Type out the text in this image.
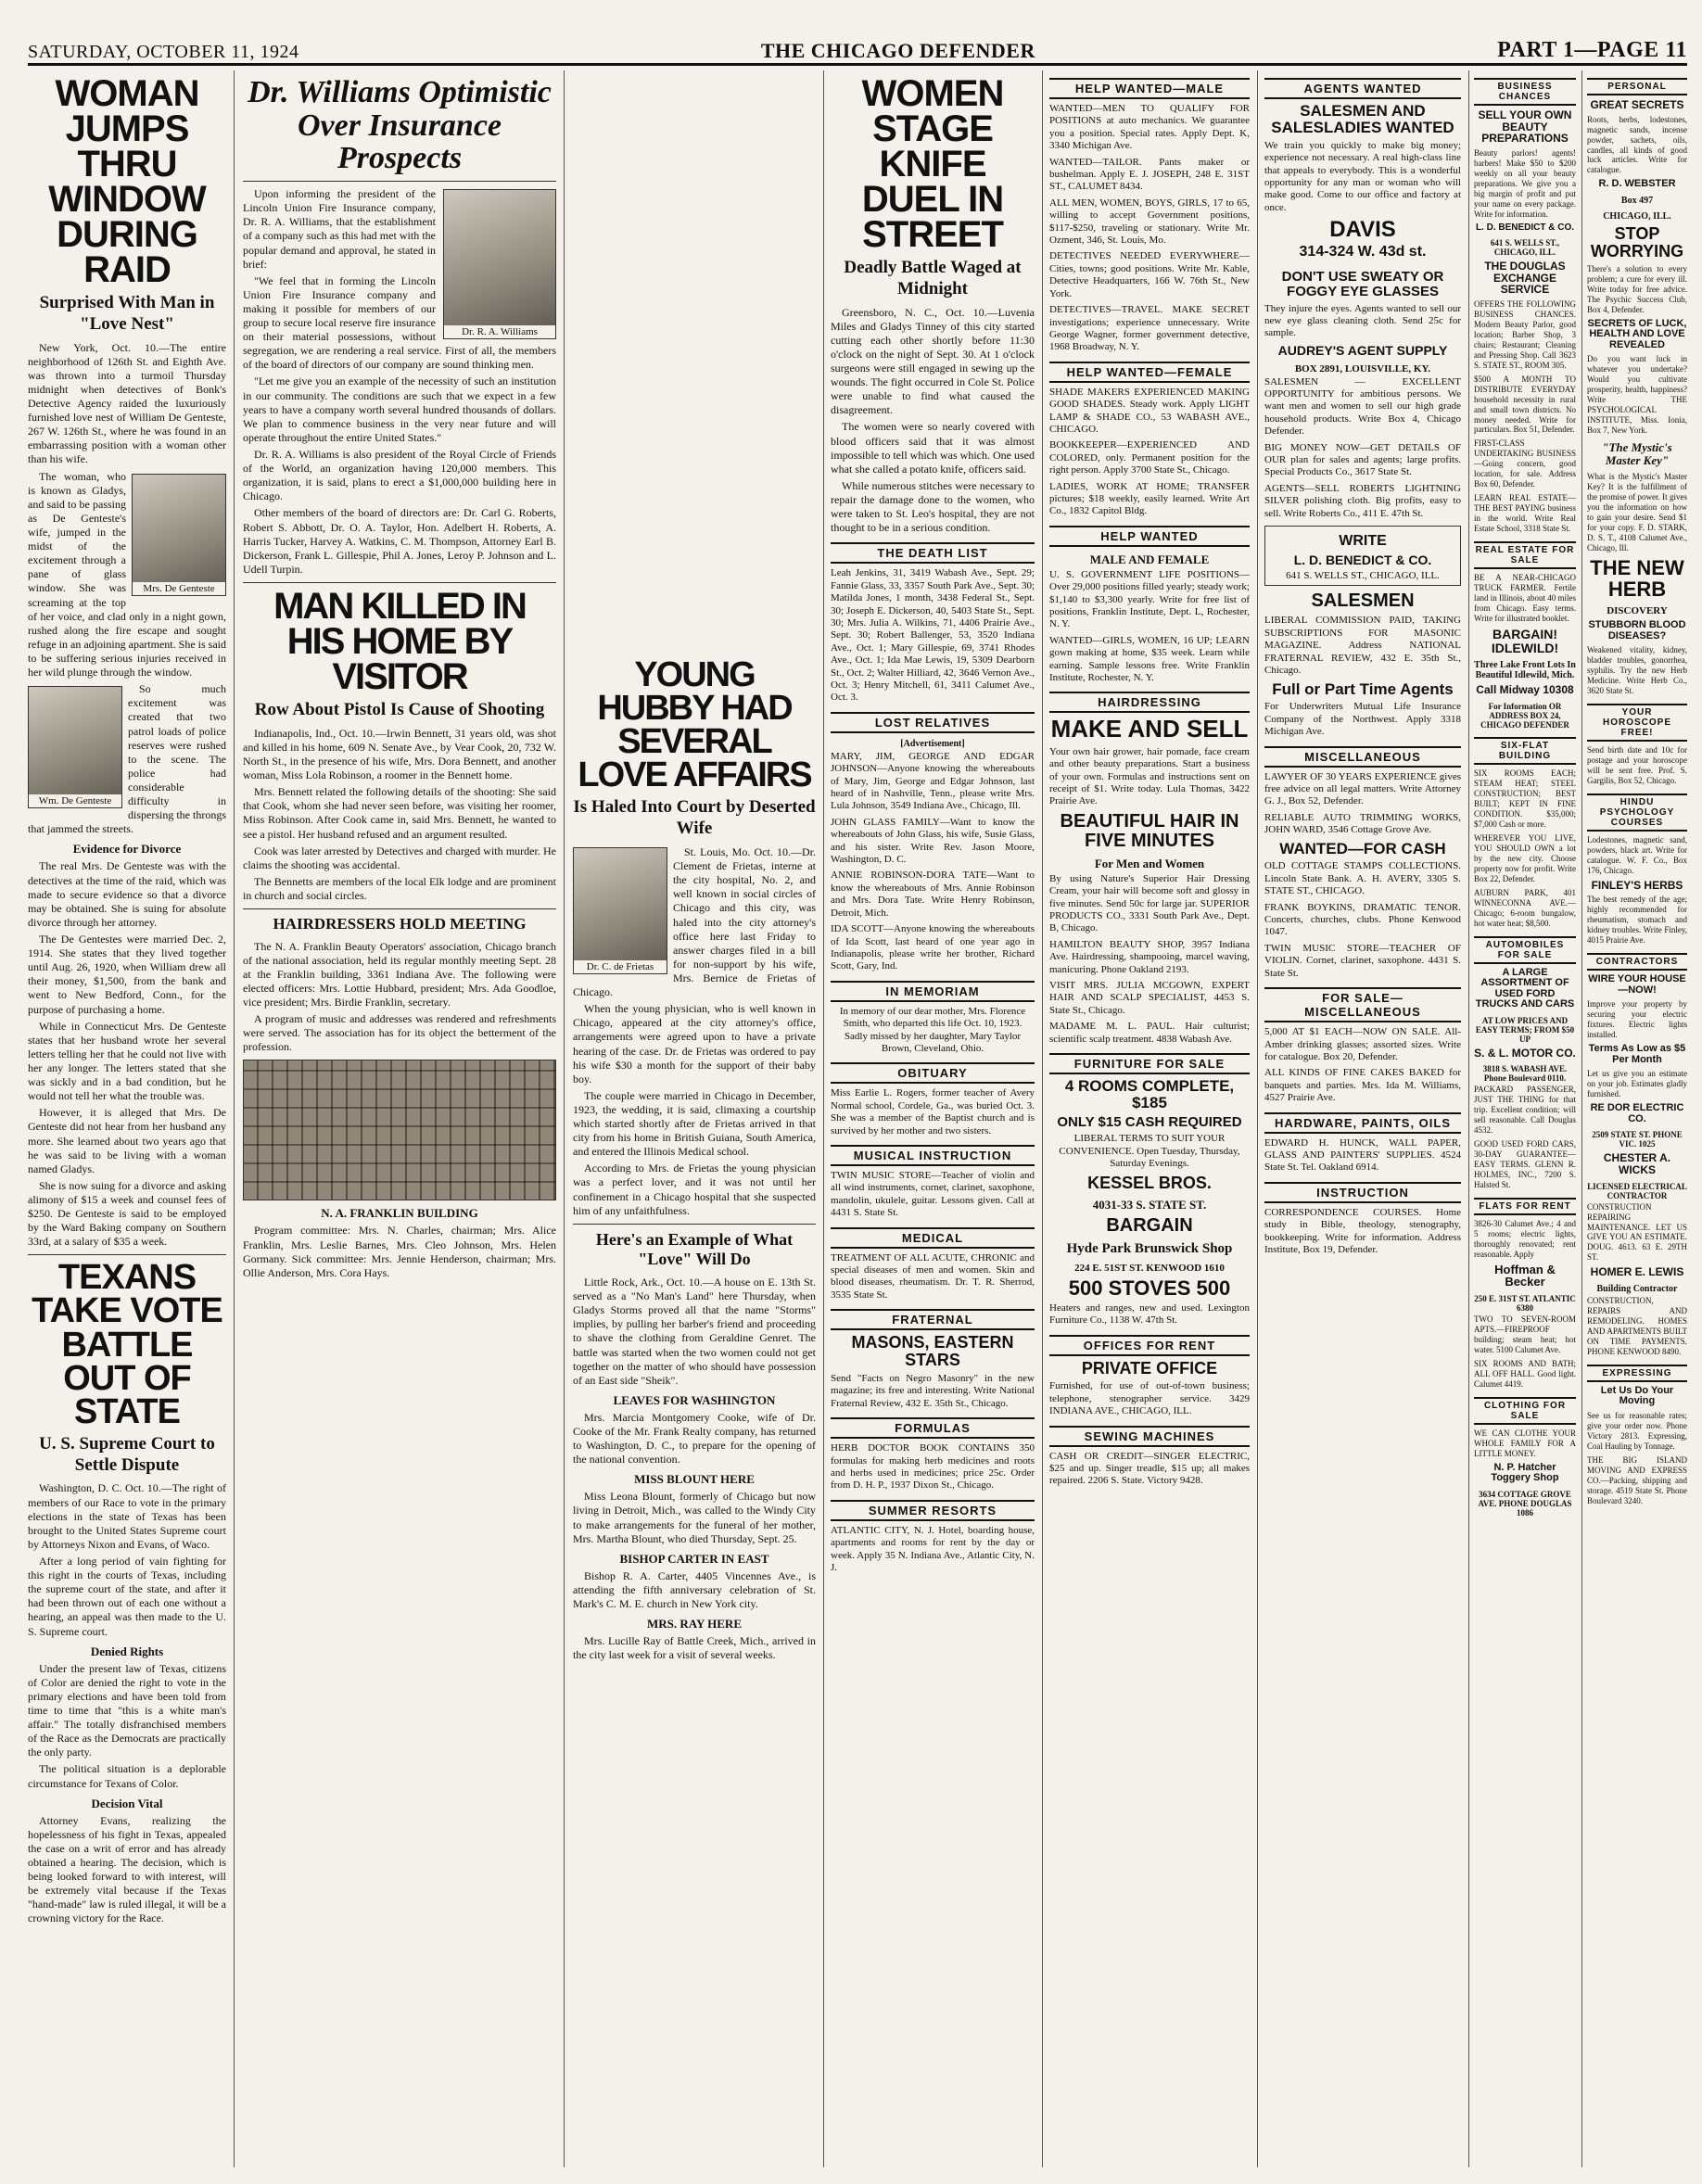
SATURDAY, OCTOBER 11, 1924	THE CHICAGO DEFENDER	PART 1—PAGE 11
WOMAN JUMPS THRU WINDOW DURING RAID
Surprised With Man in "Love Nest"

New York, Oct. 10.—The entire neighborhood of 126th St. and Eighth Ave. was thrown into a turmoil Thursday midnight when detectives of Bonk's Detective Agency raided the luxuriously furnished love nest of William De Genteste, 267 W. 126th St., where he was found in an embarrassing position with a woman other than his wife.

Mrs. De Genteste

The woman, who is known as Gladys, and said to be passing as De Genteste's wife, jumped in the midst of the excitement through a pane of glass window. She was screaming at the top of her voice, and clad only in a night gown, rushed along the fire escape and sought refuge in an adjoining apartment. She is said to be suffering serious injuries received in her wild plunge through the window.

Wm. De Genteste

So much excitement was created that two patrol loads of police reserves were rushed to the scene. The police had considerable difficulty in dispersing the throngs that jammed the streets.

Evidence for Divorce

The real Mrs. De Genteste was with the detectives at the time of the raid, which was made to secure evidence so that a divorce may be obtained. She is suing for absolute divorce through her attorney.

The De Gentestes were married Dec. 2, 1914. She states that they lived together until Aug. 26, 1920, when William drew all their money, $1,500, from the bank and went to New Bedford, Conn., for the purpose of purchasing a home.

While in Connecticut Mrs. De Genteste states that her husband wrote her several letters telling her that he could not live with her any longer. The letters stated that she was sickly and in a bad condition, but he would not tell her what the trouble was.

However, it is alleged that Mrs. De Genteste did not hear from her husband any more. She learned about two years ago that he was said to be living with a woman named Gladys.

She is now suing for a divorce and asking alimony of $15 a week and counsel fees of $250. De Genteste is said to be employed by the Ward Baking company on Southern 33rd, at a salary of $35 a week.

TEXANS TAKE VOTE BATTLE OUT OF STATE
U. S. Supreme Court to Settle Dispute

Washington, D. C. Oct. 10.—The right of members of our Race to vote in the primary elections in the state of Texas has been brought to the United States Supreme court by Attorneys Nixon and Evans, of Waco.

After a long period of vain fighting for this right in the courts of Texas, including the supreme court of the state, and after it had been thrown out of each one without a hearing, an appeal was then made to the U. S. Supreme court.

Denied Rights

Under the present law of Texas, citizens of Color are denied the right to vote in the primary elections and have been told from time to time that "this is a white man's affair." The totally disfranchised members of the Race as the Democrats are practically the only party.

The political situation is a deplorable circumstance for Texans of Color.

Decision Vital

Attorney Evans, realizing the hopelessness of his fight in Texas, appealed the case on a writ of error and has already obtained a hearing. The decision, which is being looked forward to with interest, will be extremely vital because if the Texas "hand-made" law is ruled illegal, it will be a crowning victory for the Race.

Dr. Williams Optimistic Over Insurance Prospects
Dr. R. A. Williams

Upon informing the president of the Lincoln Union Fire Insurance company, Dr. R. A. Williams, that the establishment of a company such as this had met with the popular demand and approval, he stated in brief:

"We feel that in forming the Lincoln Union Fire Insurance company and making it possible for members of our group to secure local reserve fire insurance on their material possessions, without segregation, we are rendering a real service. First of all, the members of the board of directors of our company are sound thinking men.

"Let me give you an example of the necessity of such an institution in our community. The conditions are such that we expect in a few years to have a company worth several hundred thousands of dollars. We plan to commence business in the very near future and will operate throughout the entire United States."

Dr. R. A. Williams is also president of the Royal Circle of Friends of the World, an organization having 120,000 members. This organization, it is said, plans to erect a $1,000,000 building here in Chicago.

Other members of the board of directors are: Dr. Carl G. Roberts, Robert S. Abbott, Dr. O. A. Taylor, Hon. Adelbert H. Roberts, A. Harris Tucker, Harvey A. Watkins, C. M. Thompson, Attorney Earl B. Dickerson, Frank L. Gillespie, Phil A. Jones, Leroy P. Johnson and L. Udell Turpin.

MAN KILLED IN HIS HOME BY VISITOR
Row About Pistol Is Cause of Shooting

Indianapolis, Ind., Oct. 10.—Irwin Bennett, 31 years old, was shot and killed in his home, 609 N. Senate Ave., by Vear Cook, 20, 732 W. North St., in the presence of his wife, Mrs. Dora Bennett, and another woman, Miss Lola Robinson, a roomer in the Bennett home.

Mrs. Bennett related the following details of the shooting: She said that Cook, whom she had never seen before, was visiting her roomer, Miss Robinson. After Cook came in, said Mrs. Bennett, he wanted to see a pistol. Her husband refused and an argument resulted.

Cook was later arrested by Detectives and charged with murder. He claims the shooting was accidental.

The Bennetts are members of the local Elk lodge and are prominent in church and social circles.

HAIRDRESSERS HOLD MEETING

The N. A. Franklin Beauty Operators' association, Chicago branch of the national association, held its regular monthly meeting Sept. 28 at the Franklin building, 3361 Indiana Ave. The following were elected officers: Mrs. Lottie Hubbard, president; Mrs. Ada Goodloe, vice president; Mrs. Birdie Franklin, secretary.

A program of music and addresses was rendered and refreshments were served. The association has for its object the betterment of the profession.

N. A. FRANKLIN BUILDING

Program committee: Mrs. N. Charles, chairman; Mrs. Alice Franklin, Mrs. Leslie Barnes, Mrs. Cleo Johnson, Mrs. Helen Gormany. Sick committee: Mrs. Jennie Henderson, chairman; Mrs. Ollie Anderson, Mrs. Cora Hays.

YOUNG HUBBY HAD SEVERAL LOVE AFFAIRS
Is Haled Into Court by Deserted Wife
Dr. C. de Frietas

St. Louis, Mo. Oct. 10.—Dr. Clement de Frietas, interne at the city hospital, No. 2, and well known in social circles of Chicago and this city, was haled into the city attorney's office here last Friday to answer charges filed in a bill for non-support by his wife, Mrs. Bernice de Frietas of Chicago.

When the young physician, who is well known in Chicago, appeared at the city attorney's office, arrangements were agreed upon to have a private hearing of the case. Dr. de Frietas was ordered to pay his wife $30 a month for the support of their baby boy.

The couple were married in Chicago in December, 1923, the wedding, it is said, climaxing a courtship which started shortly after de Frietas arrived in that city from his home in British Guiana, South America, and entered the Illinois Medical school.

According to Mrs. de Frietas the young physician was a perfect lover, and it was not until her confinement in a Chicago hospital that she suspected him of any unfaithfulness.

Here's an Example of What "Love" Will Do

Little Rock, Ark., Oct. 10.—A house on E. 13th St. served as a "No Man's Land" here Thursday, when Gladys Storms proved all that the name "Storms" implies, by pulling her barber's friend and proceeding to shave the clothing from Geraldine Genret. The battle was started when the two women could not get together on the matter of who should have possession of an East side "Sheik".

LEAVES FOR WASHINGTON

Mrs. Marcia Montgomery Cooke, wife of Dr. Cooke of the Mr. Frank Realty company, has returned to Washington, D. C., to prepare for the opening of the national convention.

MISS BLOUNT HERE

Miss Leona Blount, formerly of Chicago but now living in Detroit, Mich., was called to the Windy City to make arrangements for the funeral of her mother, Mrs. Martha Blount, who died Thursday, Sept. 25.

BISHOP CARTER IN EAST

Bishop R. A. Carter, 4405 Vincennes Ave., is attending the fifth anniversary celebration of St. Mark's C. M. E. church in New York city.

MRS. RAY HERE

Mrs. Lucille Ray of Battle Creek, Mich., arrived in the city last week for a visit of several weeks.

WOMEN STAGE KNIFE DUEL IN STREET
Deadly Battle Waged at Midnight

Greensboro, N. C., Oct. 10.—Luvenia Miles and Gladys Tinney of this city started cutting each other shortly before 11:30 o'clock on the night of Sept. 30. At 1 o'clock surgeons were still engaged in sewing up the wounds. The fight occurred in Cole St. Police were unable to find what caused the disagreement.

The women were so nearly covered with blood officers said that it was almost impossible to tell which was which. One used what she called a potato knife, officers said.

While numerous stitches were necessary to repair the damage done to the women, who were taken to St. Leo's hospital, they are not thought to be in a serious condition.

THE DEATH LIST

Leah Jenkins, 31, 3419 Wabash Ave., Sept. 29; Fannie Glass, 33, 3357 South Park Ave., Sept. 30; Matilda Jones, 1 month, 3438 Federal St., Sept. 30; Joseph E. Dickerson, 40, 5403 State St., Sept. 30; Mrs. Julia A. Wilkins, 71, 4406 Prairie Ave., Sept. 30; Robert Ballenger, 53, 3520 Indiana Ave., Oct. 1; Mary Gillespie, 69, 3741 Rhodes Ave., Oct. 1; Ida Mae Lewis, 19, 5309 Dearborn St., Oct. 2; Walter Hilliard, 42, 3646 Vernon Ave., Oct. 3; Henry Mitchell, 61, 3411 Calumet Ave., Oct. 3.

LOST RELATIVES
[Advertisement]

MARY, JIM, GEORGE AND EDGAR JOHNSON—Anyone knowing the whereabouts of Mary, Jim, George and Edgar Johnson, last heard of in Nashville, Tenn., please write Mrs. Lula Johnson, 3549 Indiana Ave., Chicago, Ill.

JOHN GLASS FAMILY—Want to know the whereabouts of John Glass, his wife, Susie Glass, and his sister. Write Rev. Jason Moore, Washington, D. C.

ANNIE ROBINSON-DORA TATE—Want to know the whereabouts of Mrs. Annie Robinson and Mrs. Dora Tate. Write Henry Robinson, Detroit, Mich.

IDA SCOTT—Anyone knowing the whereabouts of Ida Scott, last heard of one year ago in Indianapolis, please write her brother, Richard Scott, Gary, Ind.

IN MEMORIAM

In memory of our dear mother, Mrs. Florence Smith, who departed this life Oct. 10, 1923. Sadly missed by her daughter, Mary Taylor Brown, Cleveland, Ohio.

OBITUARY

Miss Earlie L. Rogers, former teacher of Avery Normal school, Cordele, Ga., was buried Oct. 3. She was a member of the Baptist church and is survived by her mother and two sisters.

MUSICAL INSTRUCTION

TWIN MUSIC STORE—Teacher of violin and all wind instruments, cornet, clarinet, saxophone, mandolin, ukulele, guitar. Lessons given. Call at 4431 S. State St.

MEDICAL

TREATMENT OF ALL ACUTE, CHRONIC and special diseases of men and women. Skin and blood diseases, rheumatism. Dr. T. R. Sherrod, 3535 State St.

FRATERNAL
MASONS, EASTERN STARS

Send "Facts on Negro Masonry" in the new magazine; its free and interesting. Write National Fraternal Review, 432 E. 35th St., Chicago.

FORMULAS

HERB DOCTOR BOOK CONTAINS 350 formulas for making herb medicines and roots and herbs used in medicines; price 25c. Order from D. H. P., 1937 Dixon St., Chicago.

SUMMER RESORTS

ATLANTIC CITY, N. J. Hotel, boarding house, apartments and rooms for rent by the day or week. Apply 35 N. Indiana Ave., Atlantic City, N. J.

HELP WANTED—MALE

WANTED—MEN TO QUALIFY FOR POSITIONS at auto mechanics. We guarantee you a position. Special rates. Apply Dept. K, 3340 Michigan Ave.

WANTED—TAILOR. Pants maker or bushelman. Apply E. J. JOSEPH, 248 E. 31ST ST., CALUMET 8434.

ALL MEN, WOMEN, BOYS, GIRLS, 17 to 65, willing to accept Government positions, $117-$250, traveling or stationary. Write Mr. Ozment, 346, St. Louis, Mo.

DETECTIVES NEEDED EVERYWHERE—Cities, towns; good positions. Write Mr. Kable, Detective Headquarters, 166 W. 76th St., New York.

DETECTIVES—TRAVEL. MAKE SECRET investigations; experience unnecessary. Write George Wagner, former government detective, 1968 Broadway, N. Y.

HELP WANTED—FEMALE

SHADE MAKERS EXPERIENCED MAKING GOOD SHADES. Steady work. Apply LIGHT LAMP & SHADE CO., 53 WABASH AVE., CHICAGO.

BOOKKEEPER—EXPERIENCED AND COLORED, only. Permanent position for the right person. Apply 3700 State St., Chicago.

LADIES, WORK AT HOME; TRANSFER pictures; $18 weekly, easily learned. Write Art Co., 1832 Capitol Bldg.

HELP WANTED
MALE AND FEMALE

U. S. GOVERNMENT LIFE POSITIONS—Over 29,000 positions filled yearly; steady work; $1,140 to $3,300 yearly. Write for free list of positions, Franklin Institute, Dept. L, Rochester, N. Y.

WANTED—GIRLS, WOMEN, 16 UP; LEARN gown making at home, $35 week. Learn while earning. Sample lessons free. Write Franklin Institute, Rochester, N. Y.

HAIRDRESSING
MAKE AND SELL

Your own hair grower, hair pomade, face cream and other beauty preparations. Start a business of your own. Formulas and instructions sent on receipt of $1. Write today. Lula Thomas, 3422 Prairie Ave.

BEAUTIFUL HAIR IN FIVE MINUTES
For Men and Women

By using Nature's Superior Hair Dressing Cream, your hair will become soft and glossy in five minutes. Send 50c for large jar. SUPERIOR PRODUCTS CO., 3331 South Park Ave., Dept. B, Chicago.

HAMILTON BEAUTY SHOP, 3957 Indiana Ave. Hairdressing, shampooing, marcel waving, manicuring. Phone Oakland 2193.

VISIT MRS. JULIA MCGOWN, EXPERT HAIR AND SCALP SPECIALIST, 4453 S. State St., Chicago.

MADAME M. L. PAUL. Hair culturist; scientific scalp treatment. 4838 Wabash Ave.

FURNITURE FOR SALE
4 ROOMS COMPLETE, $185
ONLY $15 CASH REQUIRED

LIBERAL TERMS TO SUIT YOUR CONVENIENCE. Open Tuesday, Thursday, Saturday Evenings.

KESSEL BROS.
4031-33 S. STATE ST.
BARGAIN
Hyde Park Brunswick Shop
224 E. 51ST ST. KENWOOD 1610
500 STOVES 500

Heaters and ranges, new and used. Lexington Furniture Co., 1138 W. 47th St.

OFFICES FOR RENT
PRIVATE OFFICE

Furnished, for use of out-of-town business; telephone, stenographer service. 3429 INDIANA AVE., CHICAGO, ILL.

SEWING MACHINES

CASH OR CREDIT—SINGER ELECTRIC, $25 and up. Singer treadle, $15 up; all makes repaired. 2206 S. State. Victory 9428.

AGENTS WANTED
SALESMEN AND SALESLADIES WANTED

We train you quickly to make big money; experience not necessary. A real high-class line that appeals to everybody. This is a wonderful opportunity for any man or woman who will make good. Come to our office and factory at once.

DAVIS
314-324 W. 43d st.
DON'T USE SWEATY OR FOGGY EYE GLASSES

They injure the eyes. Agents wanted to sell our new eye glass cleaning cloth. Send 25c for sample.

AUDREY'S AGENT SUPPLY
BOX 2891, LOUISVILLE, KY.

SALESMEN — EXCELLENT OPPORTUNITY for ambitious persons. We want men and women to sell our high grade household products. Write Box 4, Chicago Defender.

BIG MONEY NOW—GET DETAILS OF OUR plan for sales and agents; large profits. Special Products Co., 3617 State St.

AGENTS—SELL ROBERTS LIGHTNING SILVER polishing cloth. Big profits, easy to sell. Write Roberts Co., 411 E. 47th St.

WRITE
L. D. BENEDICT & CO.
641 S. WELLS ST., CHICAGO, ILL.
SALESMEN

LIBERAL COMMISSION PAID, TAKING SUBSCRIPTIONS FOR MASONIC MAGAZINE. Address NATIONAL FRATERNAL REVIEW, 432 E. 35th St., Chicago.

Full or Part Time Agents

For Underwriters Mutual Life Insurance Company of the Northwest. Apply 3318 Michigan Ave.

MISCELLANEOUS

LAWYER OF 30 YEARS EXPERIENCE gives free advice on all legal matters. Write Attorney G. J., Box 52, Defender.

RELIABLE AUTO TRIMMING WORKS, JOHN WARD, 3546 Cottage Grove Ave.

WANTED—FOR CASH

OLD COTTAGE STAMPS COLLECTIONS. Lincoln State Bank. A. H. AVERY, 3305 S. STATE ST., CHICAGO.

FRANK BOYKINS, DRAMATIC TENOR. Concerts, churches, clubs. Phone Kenwood 1047.

TWIN MUSIC STORE—TEACHER OF VIOLIN. Cornet, clarinet, saxophone. 4431 S. State St.

FOR SALE—MISCELLANEOUS

5,000 AT $1 EACH—NOW ON SALE. All-Amber drinking glasses; assorted sizes. Write for catalogue. Box 20, Defender.

ALL KINDS OF FINE CAKES BAKED for banquets and parties. Mrs. Ida M. Williams, 4527 Prairie Ave.

HARDWARE, PAINTS, OILS

EDWARD H. HUNCK, WALL PAPER, GLASS AND PAINTERS' SUPPLIES. 4524 State St. Tel. Oakland 6914.

INSTRUCTION

CORRESPONDENCE COURSES. Home study in Bible, theology, stenography, bookkeeping. Write for information. Address Institute, Box 19, Defender.

BUSINESS CHANCES
SELL YOUR OWN BEAUTY PREPARATIONS

Beauty parlors! agents! barbers! Make $50 to $200 weekly on all your beauty preparations. We give you a big margin of profit and put your name on every package. Write for information.

L. D. BENEDICT & CO.
641 S. WELLS ST., CHICAGO, ILL.
THE DOUGLAS EXCHANGE SERVICE

OFFERS THE FOLLOWING BUSINESS CHANCES. Modern Beauty Parlor, good location; Barber Shop, 3 chairs; Restaurant; Cleaning and Pressing Shop. Call 3623 S. STATE ST., ROOM 305.

$500 A MONTH TO DISTRIBUTE EVERYDAY household necessity in rural and small town districts. No money needed. Write for particulars. Box 51, Defender.

FIRST-CLASS UNDERTAKING BUSINESS—Going concern, good location, for sale. Address Box 60, Defender.

LEARN REAL ESTATE—THE BEST PAYING business in the world. Write Real Estate School, 3318 State St.

REAL ESTATE FOR SALE

BE A NEAR-CHICAGO TRUCK FARMER. Fertile land in Illinois, about 40 miles from Chicago. Easy terms. Write for illustrated booklet.

BARGAIN! IDLEWILD!
Three Lake Front Lots In Beautiful Idlewild, Mich.
Call Midway 10308
For Information OR ADDRESS BOX 24, CHICAGO DEFENDER
SIX-FLAT BUILDING

SIX ROOMS EACH; STEAM HEAT; STEEL CONSTRUCTION; BEST BUILT; KEPT IN FINE CONDITION. $35,000; $7,000 Cash or more.

WHEREVER YOU LIVE, YOU SHOULD OWN a lot by the new city. Choose property now for profit. Write Box 22, Defender.

AUBURN PARK, 401 WINNECONNA AVE.—Chicago; 6-room bungalow, hot water heat; $8,500.

AUTOMOBILES FOR SALE
A LARGE ASSORTMENT OF USED FORD TRUCKS AND CARS
AT LOW PRICES AND EASY TERMS; FROM $50 UP
S. & L. MOTOR CO.
3818 S. WABASH AVE. Phone Boulevard 0110.

PACKARD PASSENGER, JUST THE THING for that trip. Excellent condition; will sell reasonable. Call Douglas 4532.

GOOD USED FORD CARS, 30-DAY GUARANTEE—EASY TERMS. GLENN R. HOLMES, INC., 7200 S. Halsted St.

FLATS FOR RENT

3826-30 Calumet Ave.; 4 and 5 rooms; electric lights, thoroughly renovated; rent reasonable. Apply

Hoffman & Becker
250 E. 31ST ST. ATLANTIC 6380

TWO TO SEVEN-ROOM APTS.—FIREPROOF building; steam heat; hot water. 5100 Calumet Ave.

SIX ROOMS AND BATH; ALL OFF HALL. Good light. Calumet 4419.

CLOTHING FOR SALE

WE CAN CLOTHE YOUR WHOLE FAMILY FOR A LITTLE MONEY.

N. P. Hatcher Toggery Shop
3634 COTTAGE GROVE AVE. PHONE DOUGLAS 1086
PERSONAL
GREAT SECRETS

Roots, herbs, lodestones, magnetic sands, incense powder, sachets, oils, candles, all kinds of good luck articles. Write for catalogue.

R. D. WEBSTER
Box 497
CHICAGO, ILL.
STOP WORRYING

There's a solution to every problem; a cure for every ill. Write today for free advice. The Psychic Success Club, Box 4, Defender.

SECRETS OF LUCK, HEALTH AND LOVE REVEALED

Do you want luck in whatever you undertake? Would you cultivate prosperity, health, happiness? Write THE PSYCHOLOGICAL INSTITUTE, Miss. Ionia, Box 7, New York.

"The Mystic's Master Key"

What is the Mystic's Master Key? It is the fulfillment of the promise of power. It gives you the information on how to gain your desire. Send $1 for your copy. F. D. STARK, D. S. T., 4108 Calumet Ave., Chicago, Ill.

THE NEW HERB
DISCOVERY
STUBBORN BLOOD DISEASES?

Weakened vitality, kidney, bladder troubles, gonorrhea, syphilis. Try the new Herb Medicine. Write Herb Co., 3620 State St.

YOUR HOROSCOPE FREE!

Send birth date and 10c for postage and your horoscope will be sent free. Prof. S. Gargilis, Box 52, Chicago.

HINDU PSYCHOLOGY COURSES

Lodestones, magnetic sand, powders, black art. Write for catalogue. W. F. Co., Box 176, Chicago.

FINLEY'S HERBS

The best remedy of the age; highly recommended for rheumatism, stomach and kidney troubles. Write Finley, 4015 Prairie Ave.

CONTRACTORS
WIRE YOUR HOUSE—NOW!

Improve your property by securing your electric fixtures. Electric lights installed.

Terms As Low as $5 Per Month

Let us give you an estimate on your job. Estimates gladly furnished.

RE DOR ELECTRIC CO.
2509 STATE ST. PHONE VIC. 1025
CHESTER A. WICKS
LICENSED ELECTRICAL CONTRACTOR

CONSTRUCTION REPAIRING MAINTENANCE. LET US GIVE YOU AN ESTIMATE. DOUG. 4613. 63 E. 29TH ST.

HOMER E. LEWIS
Building Contractor

CONSTRUCTION, REPAIRS AND REMODELING. HOMES AND APARTMENTS BUILT ON TIME PAYMENTS. PHONE KENWOOD 8490.

EXPRESSING
Let Us Do Your Moving

See us for reasonable rates; give your order now. Phone Victory 2813. Expressing, Coal Hauling by Tonnage.

THE BIG ISLAND MOVING AND EXPRESS CO.—Packing, shipping and storage. 4519 State St. Phone Boulevard 3240.
